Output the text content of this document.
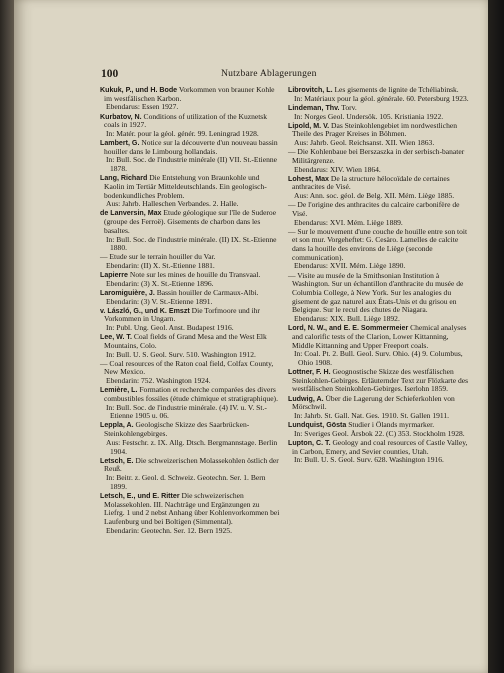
100	Nutzbare Ablagerungen
Kukuk, P., und H. Bode Vorkommen von brauner Kohle im westfälischen Karbon.
Ebendarus: Essen 1927.
Kurbatov, N. Conditions of utilization of the Kuznetsk coals in 1927.
In: Matér. pour la géol. génér. 99. Leningrad 1928.
Lambert, G. Notice sur la découverte d'un nouveau bassin houiller dans le Limbourg hollandais.
In: Bull. Soc. de l'industrie minérale (II) VII. St.-Etienne 1878.
Lang, Richard Die Entstehung von Braunkohle und Kaolin im Tertiär Mitteldeutschlands. Ein geologisch-bodenkundliches Problem.
Aus: Jahrb. Halleschen Verbandes. 2. Halle.
de Lanversin, Max Etude géologique sur l'île de Suderoe (groupe des Ferroë). Gisements de charbon dans les basaltes.
In: Bull. Soc. de l'industrie minérale. (II) IX. St.-Etienne 1880.
— Etude sur le terrain houiller du Var.
Ebendarin: (II) X. St.-Etienne 1881.
Lapierre Note sur les mines de houille du Transvaal.
Ebendarin: (3) X. St.-Etienne 1896.
Laromiguière, J. Bassin houiller de Carmaux-Albi.
Ebendarin: (3) V. St.-Etienne 1891.
v. László, G., und K. Emszt Die Torfmoore und ihr Vorkommen in Ungarn.
In: Publ. Ung. Geol. Anst. Budapest 1916.
Lee, W. T. Coal fields of Grand Mesa and the West Elk Mountains, Colo.
In: Bull. U. S. Geol. Surv. 510. Washington 1912.
— Coal resources of the Raton coal field, Colfax County, New Mexico.
Ebendarin: 752. Washington 1924.
Lemière, L. Formation et recherche comparées des divers combustibles fossiles (étude chimique et stratigraphique).
In: Bull. Soc. de l'industrie minérale. (4) IV. u. V. St.-Etienne 1905 u. 06.
Leppla, A. Geologische Skizze des Saarbrücken-Steinkohlengebirges.
Aus: Festschr. z. IX. Allg. Dtsch. Bergmannstage. Berlin 1904.
Letsch, E. Die schweizerischen Molassekohlen östlich der Reuß.
In: Beitr. z. Geol. d. Schweiz. Geotechn. Ser. 1. Bern 1899.
Letsch, E., und E. Ritter Die schweizerischen Molassekohlen. III. Nachträge und Ergänzungen zu Liefrg. 1 und 2 nebst Anhang über Kohlenvorkommen bei Laufenburg und bei Boltigen (Simmental).
Ebendarin: Geotechn. Ser. 12. Bern 1925.
Librovitch, L. Les gisements de lignite de Tchéliabinsk.
In: Matériaux pour la géol. générale. 60. Petersburg 1923.
Lindeman, Thv. Torv.
In: Norges Geol. Undersök. 105. Kristiania 1922.
Lipold, M. V. Das Steinkohlengebiet im nordwestlichen Theile des Prager Kreises in Böhmen.
Aus: Jahrb. Geol. Reichsanst. XII. Wien 1863.
— Die Kohlenbaue bei Berszaszka in der serbisch-banater Militärgrenze.
Ebendarus: XIV. Wien 1864.
Lohest, Max De la structure hélocoïdale de certaines anthracites de Visé.
Aus: Ann. soc. géol. de Belg. XII. Mém. Liège 1885.
— De l'origine des anthracites du calcaire carbonifère de Visé.
Ebendarus: XVI. Mém. Liège 1889.
— Sur le mouvement d'une couche de houille entre son toit et son mur. Vorgeheftet: G. Cesàro. Lamelles de calcite dans la houille des environs de Liège (seconde communication).
Ebendarus: XVII. Mém. Liège 1890.
— Visite au musée de la Smithsonian Institution à Washington. Sur un échantillon d'anthracite du musée de Columbia College, à New York. Sur les analogies du gisement de gaz naturel aux États-Unis et du grisou en Belgique. Sur le recul des chutes de Niagara.
Ebendarus: XIX. Bull. Liège 1892.
Lord, N. W., and E. E. Sommermeier Chemical analyses and calorific tests of the Clarion, Lower Kittanning, Middle Kittanning and Upper Freeport coals.
In: Coal. Pt. 2. Bull. Geol. Surv. Ohio. (4) 9. Columbus, Ohio 1908.
Lottner, F. H. Geognostische Skizze des westfälischen Steinkohlen-Gebirges. Erläuternder Text zur Flözkarte des westfälischen Steinkohlen-Gebirges. Iserlohn 1859.
Ludwig, A. Über die Lagerung der Schieferkohlen von Mörschwil.
In: Jahrb. St. Gall. Nat. Ges. 1910. St. Gallen 1911.
Lundquist, Gösta Studier i Ölands myrmarker.
In: Sveriges Geol. Årsbok 22. (C) 353. Stockholm 1928.
Lupton, C. T. Geology and coal resources of Castle Valley, in Carbon, Emery, and Sevier counties, Utah.
In: Bull. U. S. Geol. Surv. 628. Washington 1916.
